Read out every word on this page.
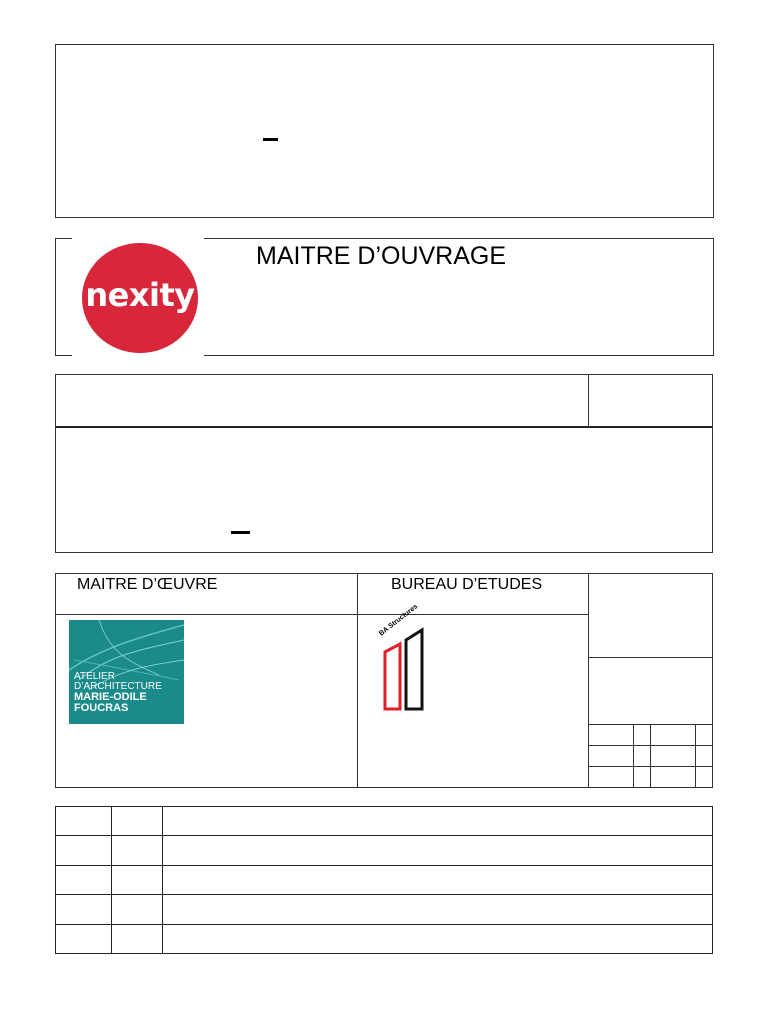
MAITRE D’OUVRAGE
nexity
MAITRE D’ŒUVRE	BUREAU D’ETUDES
ATELIER
D’ARCHITECTURE
MARIE-ODILE
FOUCRAS
BA Structures
